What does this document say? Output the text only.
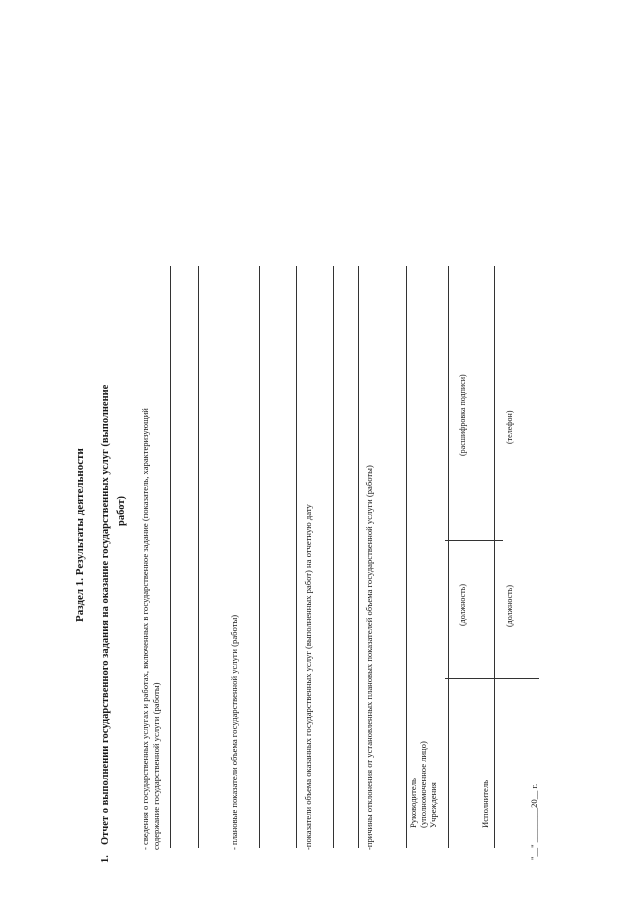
Раздел 1. Результаты деятельности
1.
Отчет о выполнении государственного задания на оказание государственных услуг (выполнение работ) - сведения о государственных услугах и работах, включенных в государственное задание (показатель, характеризующий содержание государственной услуги (работы)	- плановые показатели объема государственной услуги (работы)	-показатели объема оказанных государственных услуг (выполненных работ) на отчетную дату	-причины отклонения от установленных плановых показателей объема государственной услуги (работы)	Руководитель (уполномоченное лицо) Учреждения
(должность)
(расшифровка подписи)
Исполнитель
(должность)
(телефон)
"__" ________20__ г.
